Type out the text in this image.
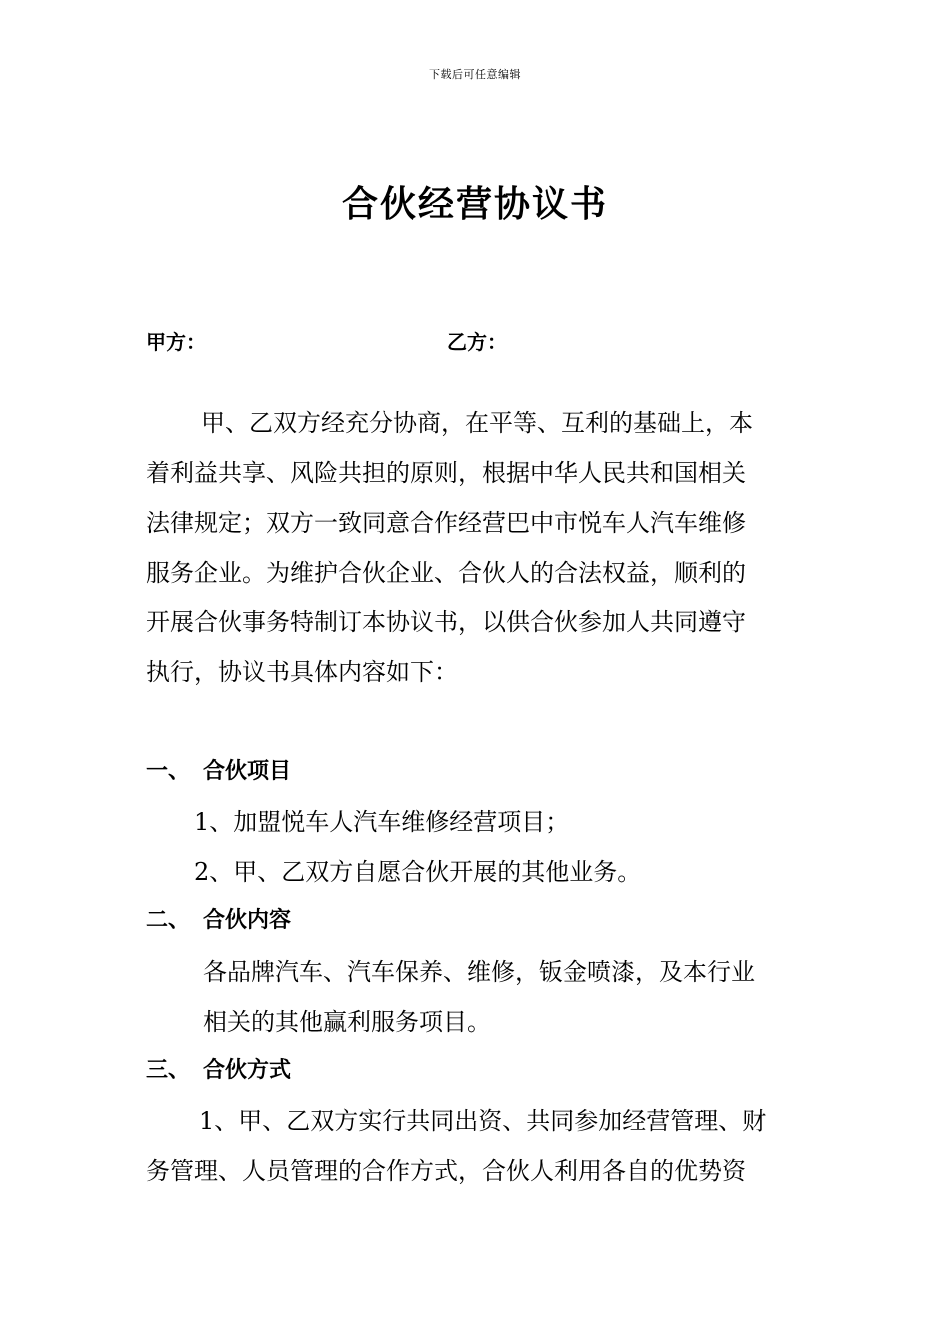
下载后可任意编辑
合伙经营协议书
甲方：	乙方：
甲、乙双方经充分协商，在平等、互利的基础上，本
着利益共享、风险共担的原则，根据中华人民共和国相关
法律规定；双方一致同意合作经营巴中市悦车人汽车维修
服务企业。为维护合伙企业、合伙人的合法权益，顺利的
开展合伙事务特制订本协议书，以供合伙参加人共同遵守
执行，协议书具体内容如下：
一、 合伙项目
1、加盟悦车人汽车维修经营项目；
2、甲、乙双方自愿合伙开展的其他业务。
二、 合伙内容
各品牌汽车、汽车保养、维修，钣金喷漆，及本行业
相关的其他赢利服务项目。
三、 合伙方式
1、甲、乙双方实行共同出资、共同参加经营管理、财
务管理、人员管理的合作方式，合伙人利用各自的优势资
